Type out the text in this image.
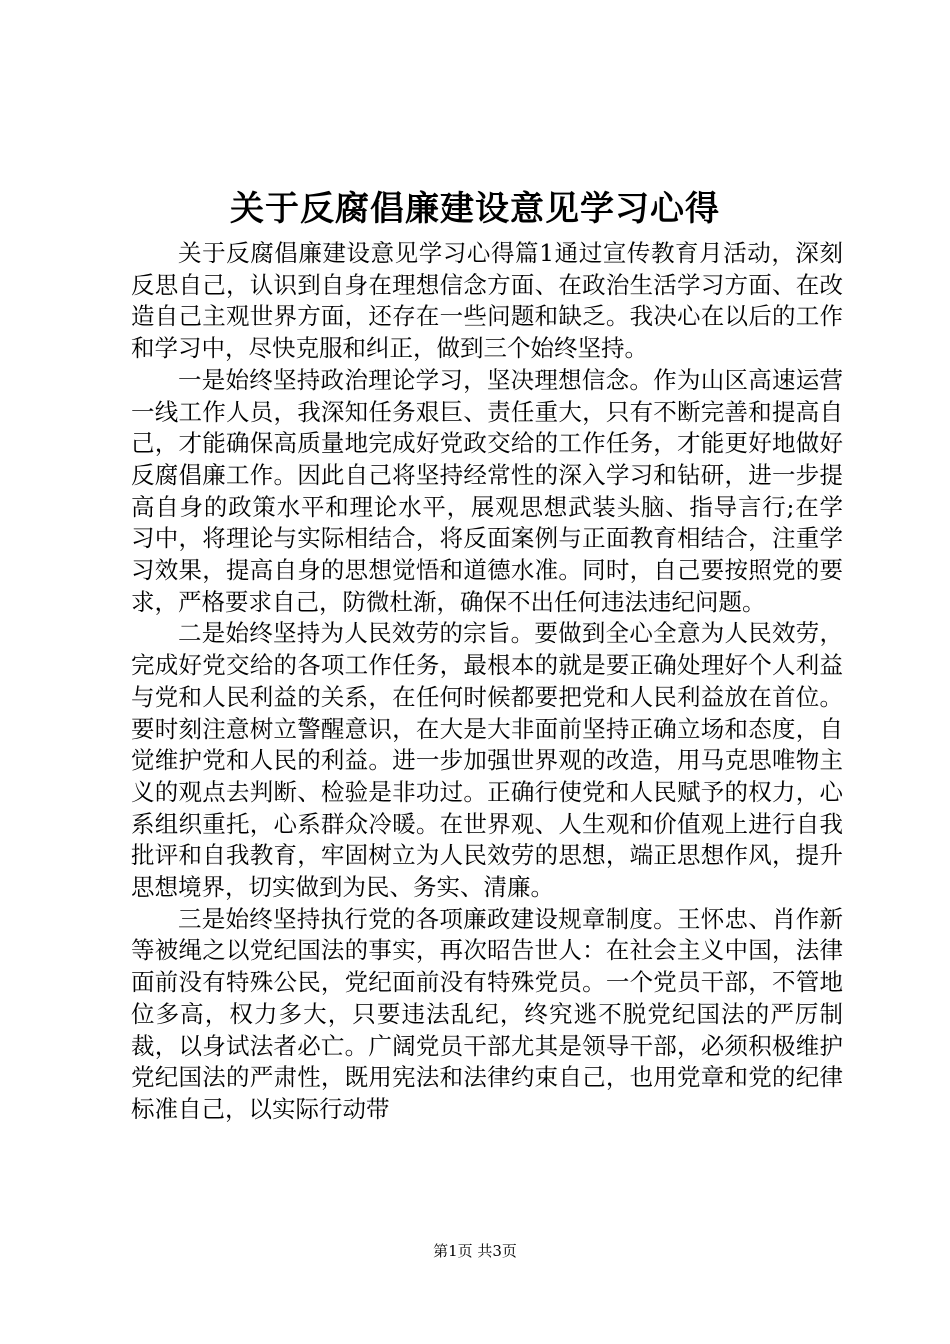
关于反腐倡廉建设意见学习心得

关于反腐倡廉建设意见学习心得篇1通过宣传教育月活动，深刻反思自己，认识到自身在理想信念方面、在政治生活学习方面、在改造自己主观世界方面，还存在一些问题和缺乏。我决心在以后的工作和学习中，尽快克服和纠正，做到三个始终坚持。

一是始终坚持政治理论学习，坚决理想信念。作为山区高速运营一线工作人员，我深知任务艰巨、责任重大，只有不断完善和提高自己，才能确保高质量地完成好党政交给的工作任务，才能更好地做好反腐倡廉工作。因此自己将坚持经常性的深入学习和钻研，进一步提高自身的政策水平和理论水平，展观思想武装头脑、指导言行;在学习中，将理论与实际相结合，将反面案例与正面教育相结合，注重学习效果，提高自身的思想觉悟和道德水准。同时，自己要按照党的要求，严格要求自己，防微杜渐，确保不出任何违法违纪问题。

二是始终坚持为人民效劳的宗旨。要做到全心全意为人民效劳，完成好党交给的各项工作任务，最根本的就是要正确处理好个人利益与党和人民利益的关系，在任何时候都要把党和人民利益放在首位。要时刻注意树立警醒意识，在大是大非面前坚持正确立场和态度，自觉维护党和人民的利益。进一步加强世界观的改造，用马克思唯物主义的观点去判断、检验是非功过。正确行使党和人民赋予的权力，心系组织重托，心系群众冷暖。在世界观、人生观和价值观上进行自我批评和自我教育，牢固树立为人民效劳的思想，端正思想作风，提升思想境界，切实做到为民、务实、清廉。

三是始终坚持执行党的各项廉政建设规章制度。王怀忠、肖作新等被绳之以党纪国法的事实，再次昭告世人：在社会主义中国，法律面前没有特殊公民，党纪面前没有特殊党员。一个党员干部，不管地位多高，权力多大，只要违法乱纪，终究逃不脱党纪国法的严厉制裁，以身试法者必亡。广阔党员干部尤其是领导干部，必须积极维护党纪国法的严肃性，既用宪法和法律约束自己，也用党章和党的纪律标准自己，以实际行动带

第1页 共3页
